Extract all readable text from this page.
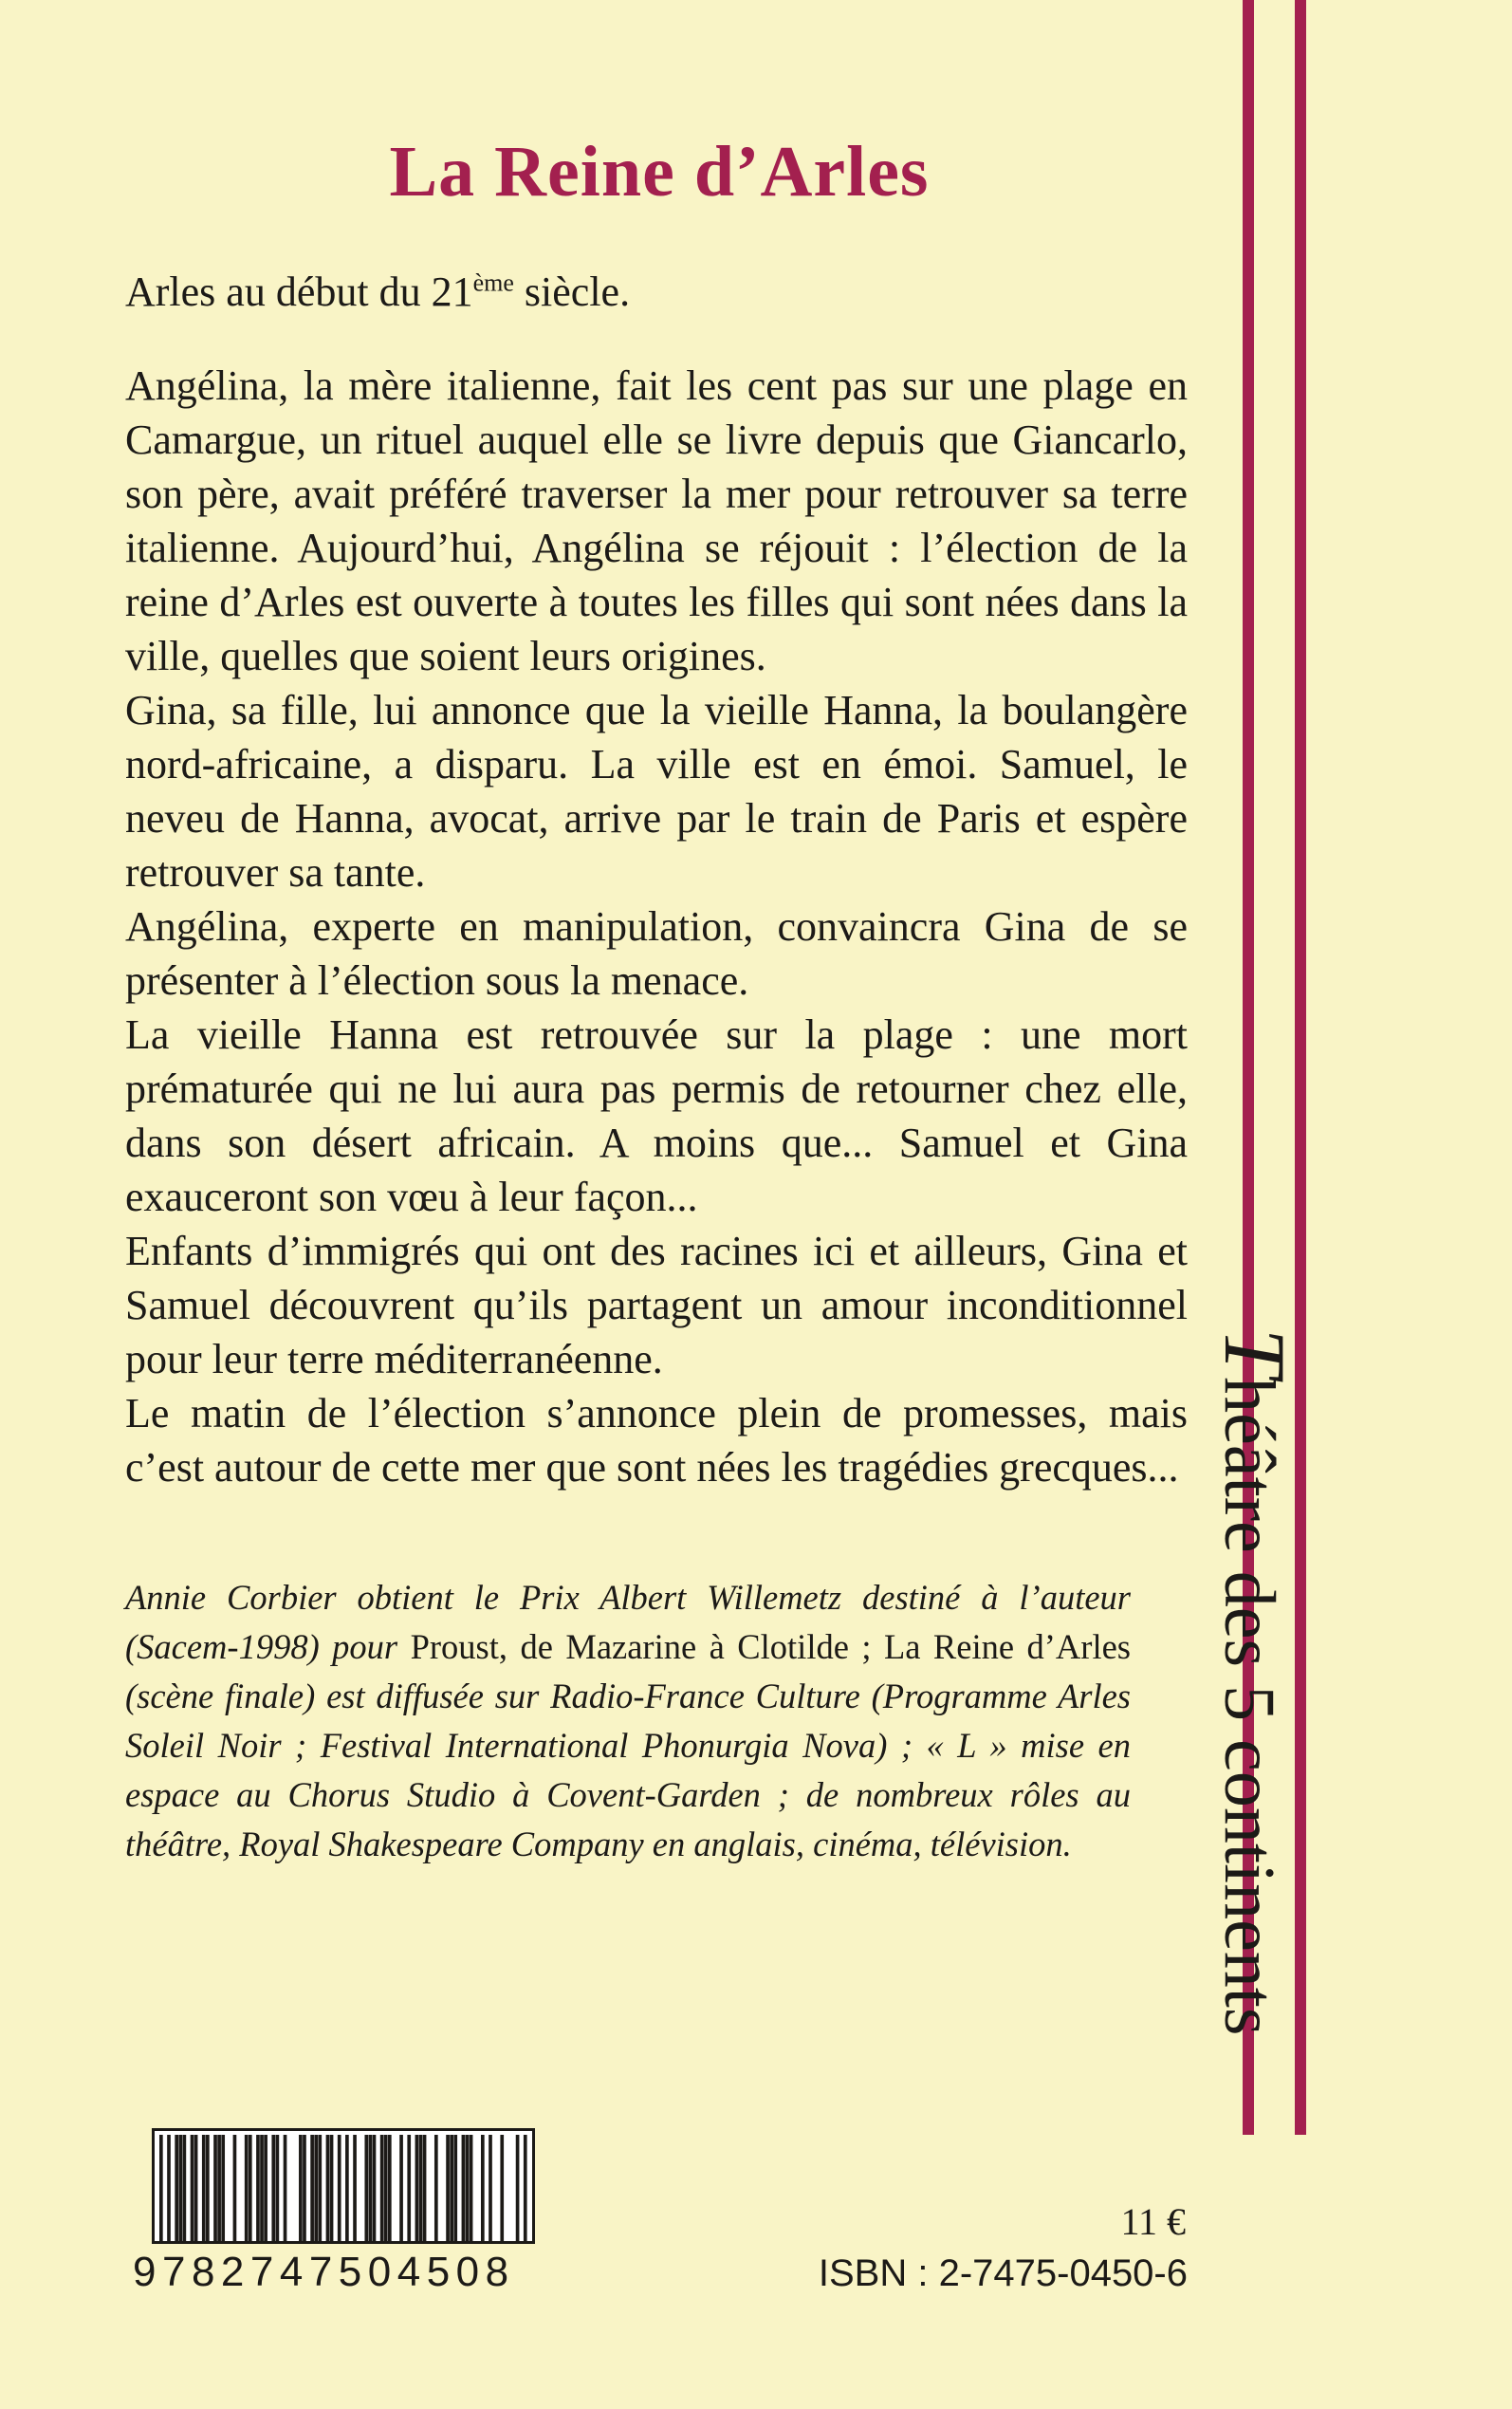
Théâtre des 5 continents
La Reine d’Arles
Arles au début du 21ème siècle.

Angélina, la mère italienne, fait les cent pas sur une plage en Camargue, un rituel auquel elle se livre depuis que Giancarlo, son père, avait préféré traverser la mer pour retrouver sa terre italienne. Aujourd’hui, Angélina se réjouit : l’élection de la reine d’Arles est ouverte à toutes les filles qui sont nées dans la ville, quelles que soient leurs origines.

Gina, sa fille, lui annonce que la vieille Hanna, la boulangère nord-africaine, a disparu. La ville est en émoi. Samuel, le neveu de Hanna, avocat, arrive par le train de Paris et espère retrouver sa tante.

Angélina, experte en manipulation, convaincra Gina de se présenter à l’élection sous la menace.

La vieille Hanna est retrouvée sur la plage : une mort prématurée qui ne lui aura pas permis de retourner chez elle, dans son désert africain. A moins que... Samuel et Gina exauceront son vœu à leur façon...

Enfants d’immigrés qui ont des racines ici et ailleurs, Gina et Samuel découvrent qu’ils partagent un amour inconditionnel pour leur terre méditerranéenne.

Le matin de l’élection s’annonce plein de promesses, mais c’est autour de cette mer que sont nées les tragédies grecques...

Annie Corbier obtient le Prix Albert Willemetz destiné à l’auteur (Sacem-1998) pour Proust, de Mazarine à Clotilde ; La Reine d’Arles (scène finale) est diffusée sur Radio-France Culture (Programme Arles Soleil Noir ; Festival International Phonurgia Nova) ; « L » mise en espace au Chorus Studio à Covent-Garden ; de nombreux rôles au théâtre, Royal Shakespeare Company en anglais, cinéma, télévision.
9782747504508
11 €
ISBN : 2-7475-0450-6
